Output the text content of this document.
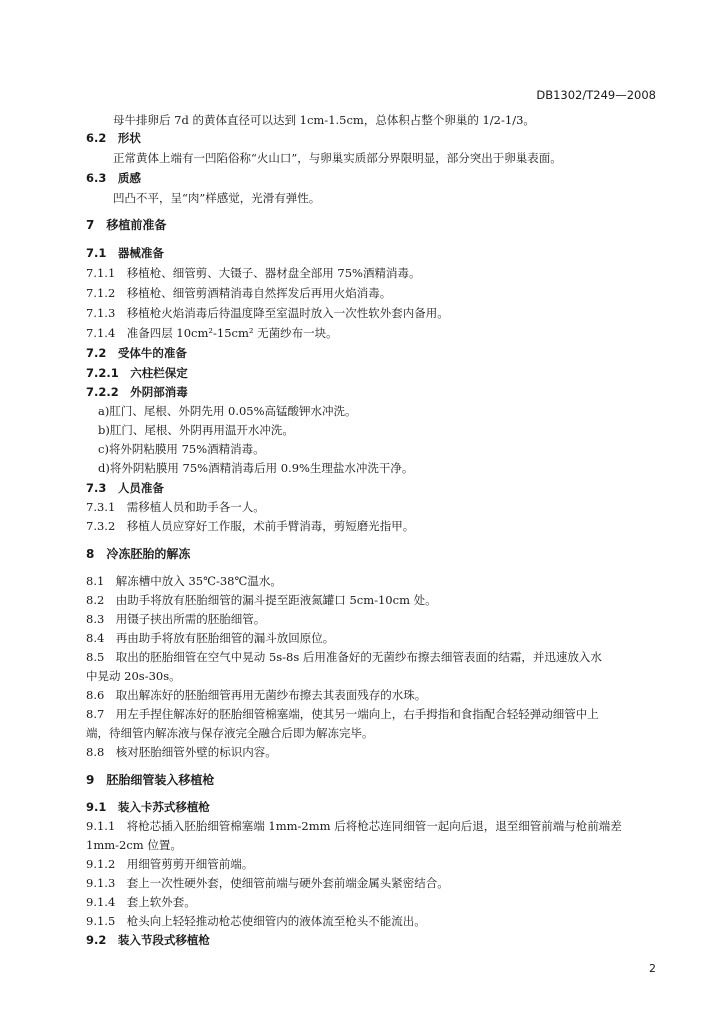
DB1302/T249—2008
母牛排卵后 7d 的黄体直径可以达到 1cm-1.5cm，总体积占整个卵巢的 1/2-1/3。
6.2　形状
正常黄体上端有一凹陷俗称“火山口”，与卵巢实质部分界限明显，部分突出于卵巢表面。
6.3　质感
凹凸不平，呈“肉”样感觉，光滑有弹性。
7　移植前准备
7.1　器械准备
7.1.1　移植枪、细管剪、大镊子、器材盘全部用 75%酒精消毒。
7.1.2　移植枪、细管剪酒精消毒自然挥发后再用火焰消毒。
7.1.3　移植枪火焰消毒后待温度降至室温时放入一次性软外套内备用。
7.1.4　准备四层 10cm²-15cm² 无菌纱布一块。
7.2　受体牛的准备
7.2.1　六柱栏保定
7.2.2　外阴部消毒
a)肛门、尾根、外阴先用 0.05%高锰酸钾水冲洗。
b)肛门、尾根、外阴再用温开水冲洗。
c)将外阴粘膜用 75%酒精消毒。
d)将外阴粘膜用 75%酒精消毒后用 0.9%生理盐水冲洗干净。
7.3　人员准备
7.3.1　需移植人员和助手各一人。
7.3.2　移植人员应穿好工作服，术前手臂消毒，剪短磨光指甲。
8　冷冻胚胎的解冻
8.1　解冻槽中放入 35℃-38℃温水。
8.2　由助手将放有胚胎细管的漏斗提至距液氮罐口 5cm-10cm 处。
8.3　用镊子挟出所需的胚胎细管。
8.4　再由助手将放有胚胎细管的漏斗放回原位。
8.5　取出的胚胎细管在空气中晃动 5s-8s 后用准备好的无菌纱布擦去细管表面的结霜，并迅速放入水
中晃动 20s-30s。
8.6　取出解冻好的胚胎细管再用无菌纱布擦去其表面残存的水珠。
8.7　用左手捏住解冻好的胚胎细管棉塞端，使其另一端向上，右手拇指和食指配合轻轻弹动细管中上
端，待细管内解冻液与保存液完全融合后即为解冻完毕。
8.8　核对胚胎细管外壁的标识内容。
9　胚胎细管装入移植枪
9.1　装入卡苏式移植枪
9.1.1　将枪芯插入胚胎细管棉塞端 1mm-2mm 后将枪芯连同细管一起向后退，退至细管前端与枪前端差
1mm-2cm 位置。
9.1.2　用细管剪剪开细管前端。
9.1.3　套上一次性硬外套，使细管前端与硬外套前端金属头紧密结合。
9.1.4　套上软外套。
9.1.5　枪头向上轻轻推动枪芯使细管内的液体流至枪头不能流出。
9.2　装入节段式移植枪
2
